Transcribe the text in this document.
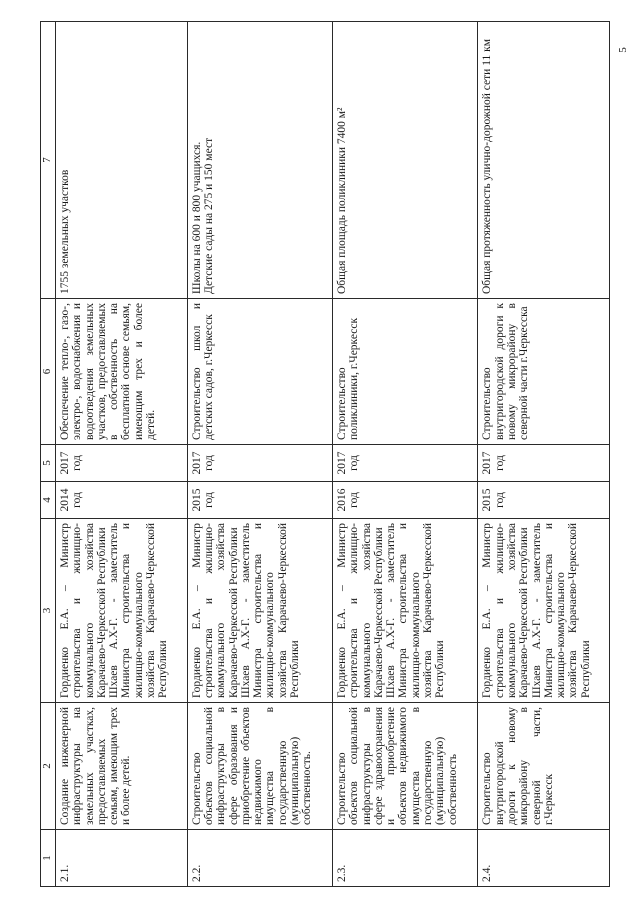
5
1	2	3	4	5	6	7
2.1.	Создание инженерной инфраструктуры на земельных участках, предоставляемых семьям, имеющим трех и более детей.	Гордиенко Е.А. – Министр строительства и жилищно-коммунального хозяйства Карачаево-Черкесской Республики Шхаев А.Х-Г. - заместитель Министра строительства и жилищно-коммунального хозяйства Карачаево-Черкесской Республики	2014 год	2017 год	Обеспечение тепло-, газо-, электро-, водоснабжения и водоотведения земельных участков, предоставляемых в собственность на бесплатной основе семьям, имеющим трех и более детей.	1755 земельных участков

2.2.	Строительство объектов социальной инфраструктуры в сфере образования и приобретение объектов недвижимого имущества в государственную (муниципальную) собственность.	Гордиенко Е.А. – Министр строительства и жилищно-коммунального хозяйства Карачаево-Черкесской Республики Шхаев А.Х-Г. - заместитель Министра строительства и жилищно-коммунального хозяйства Карачаево-Черкесской Республики	2015 год	2017 год	Строительство школ и детских садов, г.Черкесск	Школы на 600 и 800 учащихся. Детские сады на 275 и 150 мест

2.3.	Строительство объектов социальной инфраструктуры в сфере здравоохранения и приобретение объектов недвижимого имущества в государственную (муниципальную) собственность	Гордиенко Е.А. – Министр строительства и жилищно-коммунального хозяйства Карачаево-Черкесской Республики Шхаев А.Х-Г. - заместитель Министра строительства и жилищно-коммунального хозяйства Карачаево-Черкесской Республики	2016 год	2017 год	Строительство поликлиники, г.Черкесск	Общая площадь поликлиники 7400 м²

2.4.	Строительство внутригородской дороги к новому микрорайону в северной части, г.Черкесск	Гордиенко Е.А. – Министр строительства и жилищно-коммунального хозяйства Карачаево-Черкесской Республики Шхаев А.Х-Г. - заместитель Министра строительства и жилищно-коммунального хозяйства Карачаево-Черкесской Республики	2015 год	2017 год	Строительство внутригородской дороги к новому микрорайону в северной части г.Черкесска	Общая протяженность улично-дорожной сети 11 км
